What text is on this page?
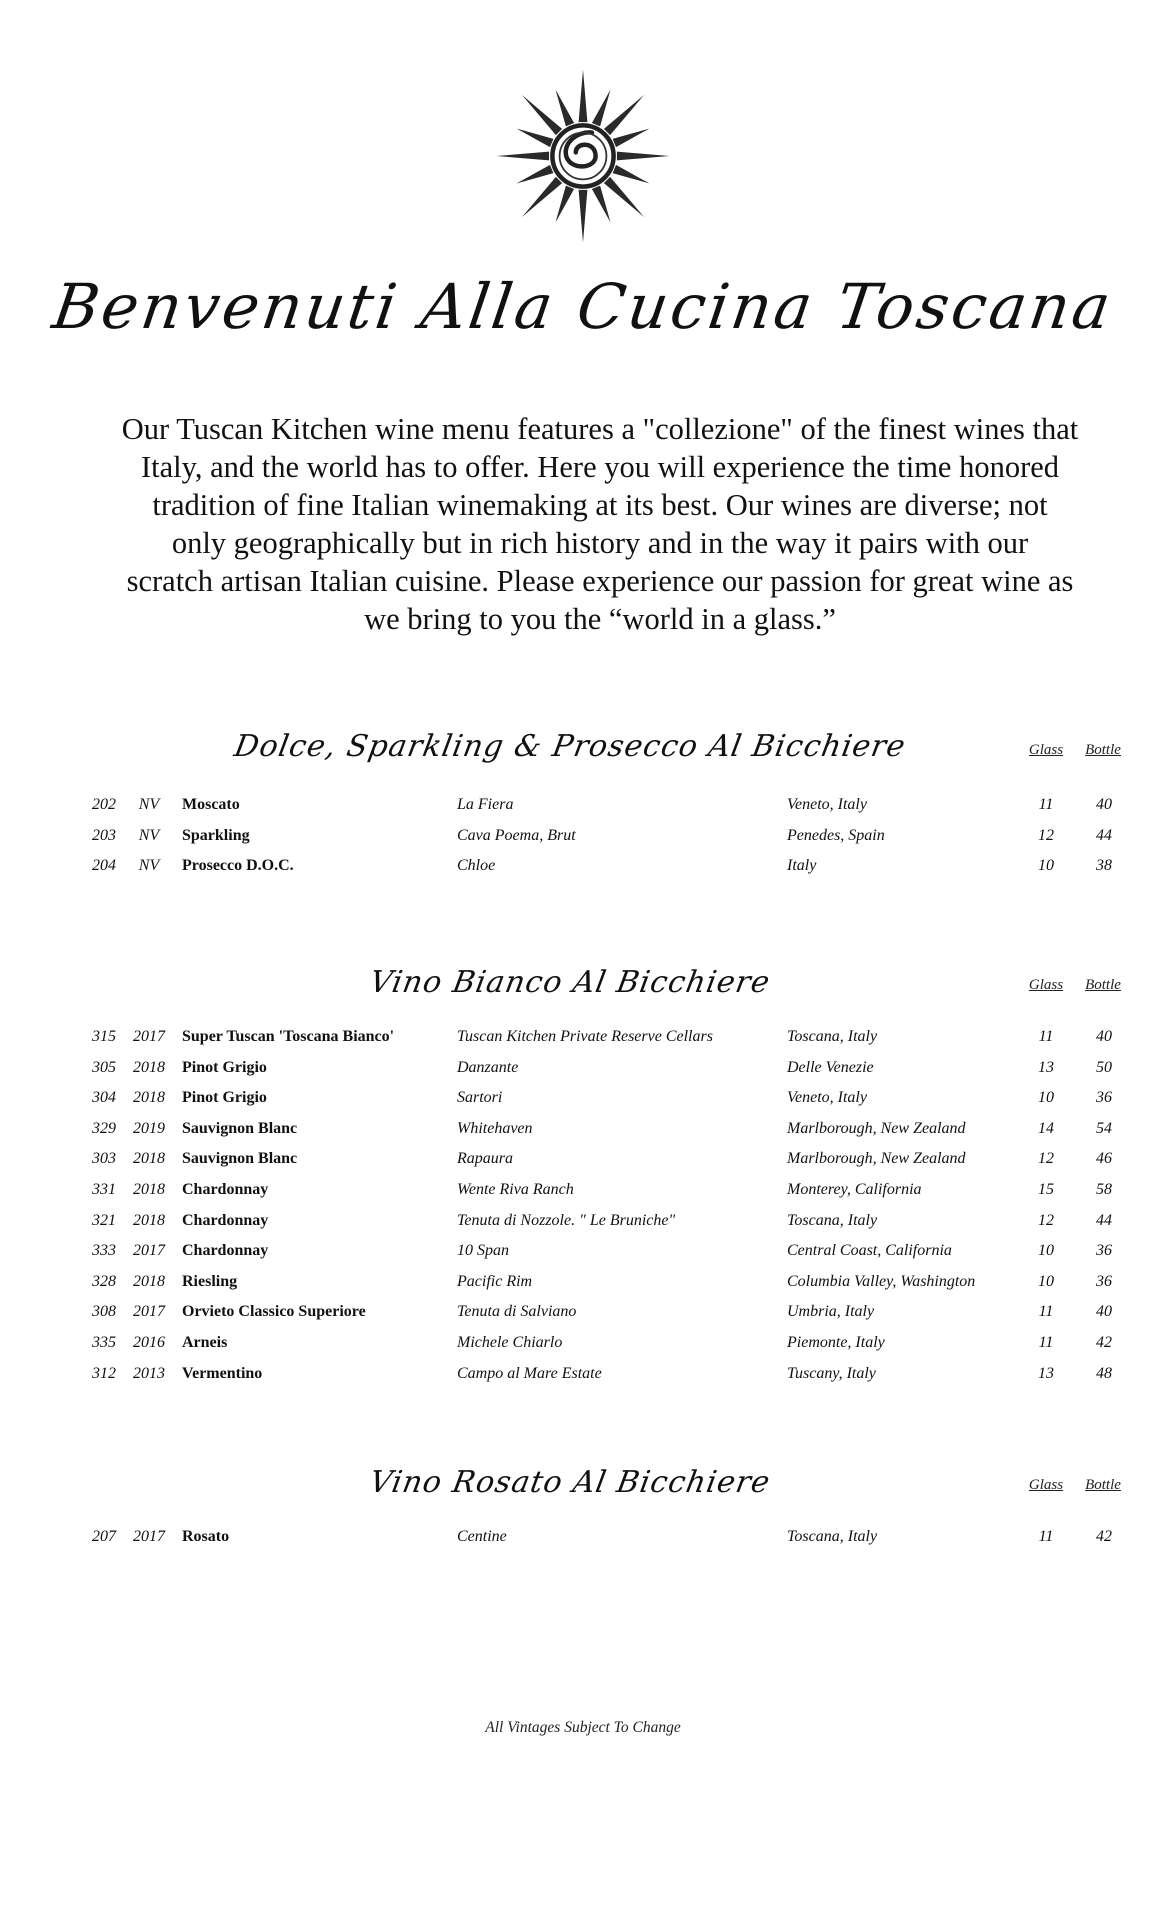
Benvenuti Alla Cucina Toscana
Our Tuscan Kitchen wine menu features a "collezione" of the finest wines that
Italy, and the world has to offer. Here you will experience the time honored
tradition of fine Italian winemaking at its best. Our wines are diverse; not
only geographically but in rich history and in the way it pairs with our
scratch artisan Italian cuisine. Please experience our passion for great wine as
we bring to you the “world in a glass.”
Dolce, Sparkling & Prosecco Al Bicchiere	Glass	Bottle
202	NV	Moscato	La Fiera	Veneto, Italy	11	40
203	NV	Sparkling	Cava Poema, Brut	Penedes, Spain	12	44
204	NV	Prosecco D.O.C.	Chloe	Italy	10	38
Vino Bianco Al Bicchiere	Glass	Bottle
315	2017	Super Tuscan 'Toscana Bianco'	Tuscan Kitchen Private Reserve Cellars	Toscana, Italy	11	40
305	2018	Pinot Grigio	Danzante	Delle Venezie	13	50
304	2018	Pinot Grigio	Sartori	Veneto, Italy	10	36
329	2019	Sauvignon Blanc	Whitehaven	Marlborough, New Zealand	14	54
303	2018	Sauvignon Blanc	Rapaura	Marlborough, New Zealand	12	46
331	2018	Chardonnay	Wente Riva Ranch	Monterey, California	15	58
321	2018	Chardonnay	Tenuta di Nozzole. " Le Bruniche"	Toscana, Italy	12	44
333	2017	Chardonnay	10 Span	Central Coast, California	10	36
328	2018	Riesling	Pacific Rim	Columbia Valley, Washington	10	36
308	2017	Orvieto Classico Superiore	Tenuta di Salviano	Umbria, Italy	11	40
335	2016	Arneis	Michele Chiarlo	Piemonte, Italy	11	42
312	2013	Vermentino	Campo al Mare Estate	Tuscany, Italy	13	48
Vino Rosato Al Bicchiere	Glass	Bottle
207	2017	Rosato	Centine	Toscana, Italy	11	42
All Vintages Subject To Change
